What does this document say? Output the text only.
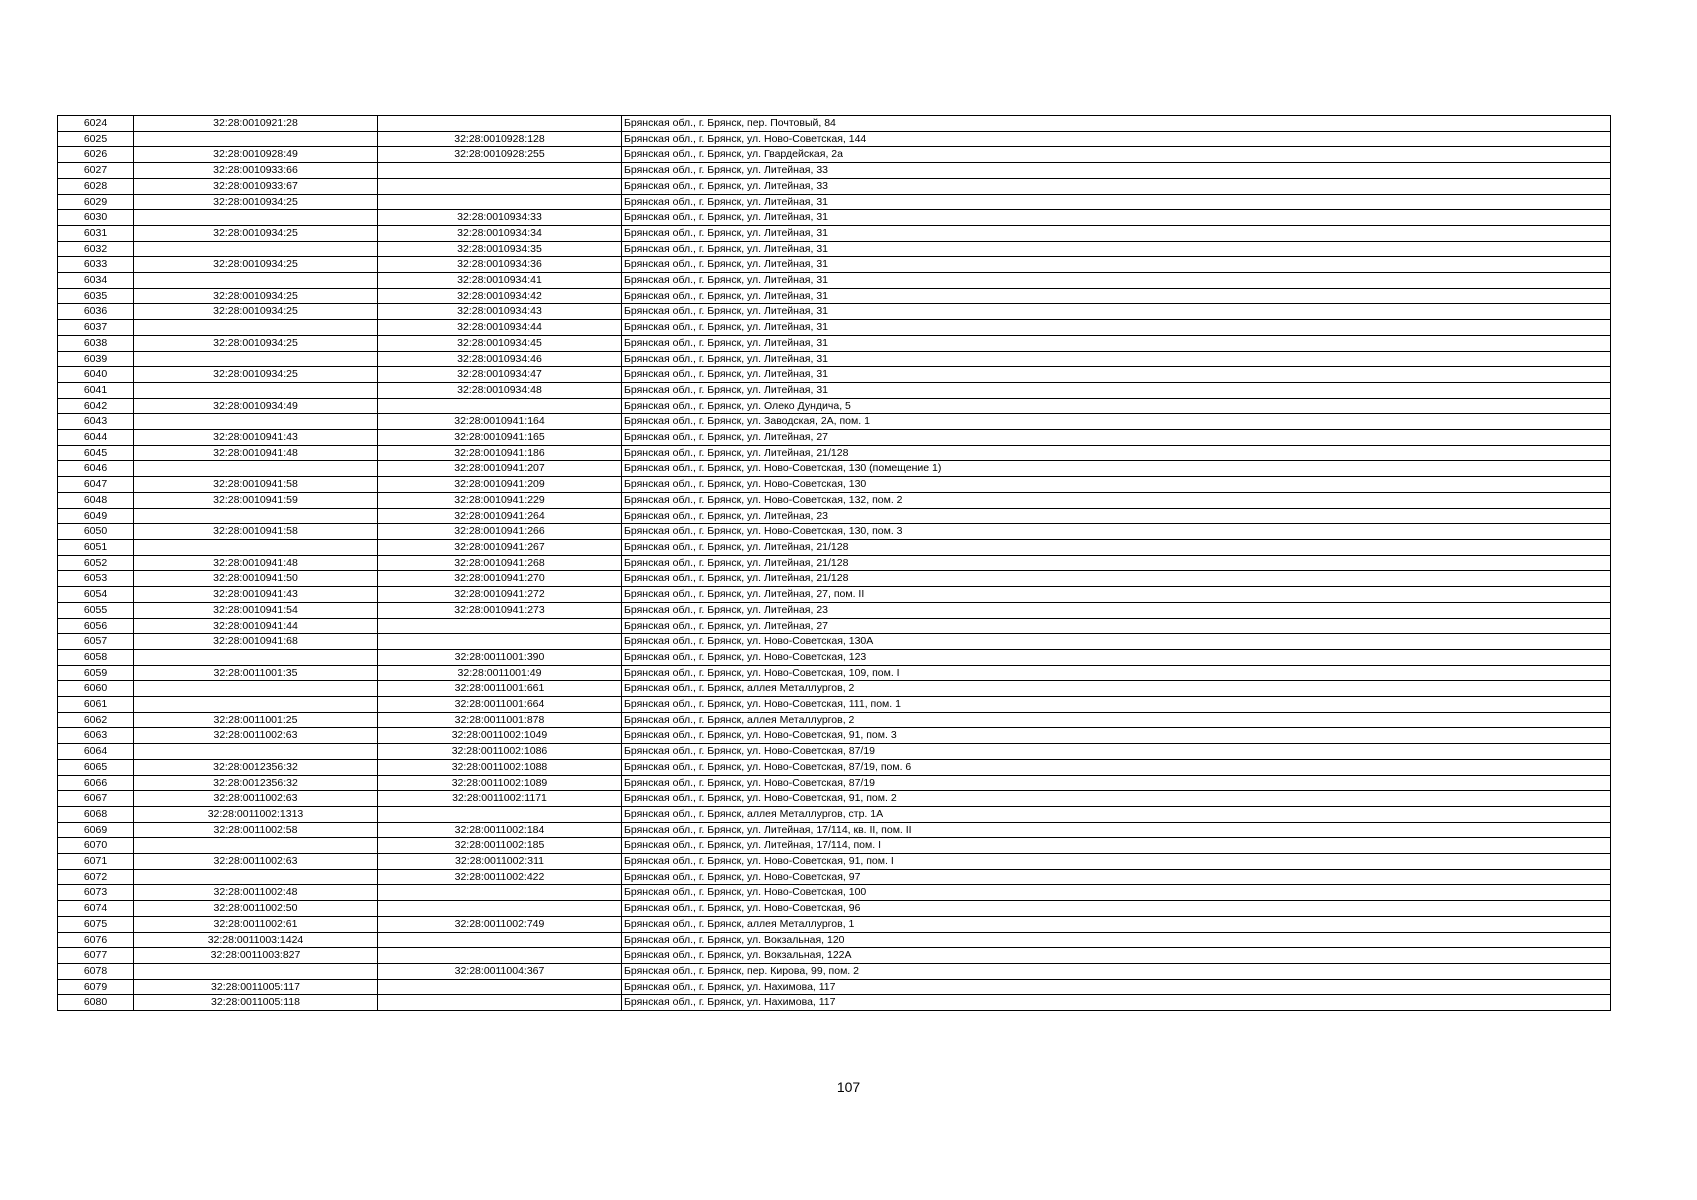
6024	32:28:0010921:28		Брянская обл., г. Брянск, пер. Почтовый, 84
6025		32:28:0010928:128	Брянская обл., г. Брянск, ул. Ново-Советская, 144
6026	32:28:0010928:49	32:28:0010928:255	Брянская обл., г. Брянск, ул. Гвардейская, 2а
6027	32:28:0010933:66		Брянская обл., г. Брянск, ул. Литейная, 33
6028	32:28:0010933:67		Брянская обл., г. Брянск, ул. Литейная, 33
6029	32:28:0010934:25		Брянская обл., г. Брянск, ул. Литейная, 31
6030		32:28:0010934:33	Брянская обл., г. Брянск, ул. Литейная, 31
6031	32:28:0010934:25	32:28:0010934:34	Брянская обл., г. Брянск, ул. Литейная, 31
6032		32:28:0010934:35	Брянская обл., г. Брянск, ул. Литейная, 31
6033	32:28:0010934:25	32:28:0010934:36	Брянская обл., г. Брянск, ул. Литейная, 31
6034		32:28:0010934:41	Брянская обл., г. Брянск, ул. Литейная, 31
6035	32:28:0010934:25	32:28:0010934:42	Брянская обл., г. Брянск, ул. Литейная, 31
6036	32:28:0010934:25	32:28:0010934:43	Брянская обл., г. Брянск, ул. Литейная, 31
6037		32:28:0010934:44	Брянская обл., г. Брянск, ул. Литейная, 31
6038	32:28:0010934:25	32:28:0010934:45	Брянская обл., г. Брянск, ул. Литейная, 31
6039		32:28:0010934:46	Брянская обл., г. Брянск, ул. Литейная, 31
6040	32:28:0010934:25	32:28:0010934:47	Брянская обл., г. Брянск, ул. Литейная, 31
6041		32:28:0010934:48	Брянская обл., г. Брянск, ул. Литейная, 31
6042	32:28:0010934:49		Брянская обл., г. Брянск, ул. Олеко Дундича, 5
6043		32:28:0010941:164	Брянская обл., г. Брянск, ул. Заводская, 2А, пом. 1
6044	32:28:0010941:43	32:28:0010941:165	Брянская обл., г. Брянск, ул. Литейная, 27
6045	32:28:0010941:48	32:28:0010941:186	Брянская обл., г. Брянск, ул. Литейная, 21/128
6046		32:28:0010941:207	Брянская обл., г. Брянск, ул. Ново-Советская, 130 (помещение 1)
6047	32:28:0010941:58	32:28:0010941:209	Брянская обл., г. Брянск, ул. Ново-Советская, 130
6048	32:28:0010941:59	32:28:0010941:229	Брянская обл., г. Брянск, ул. Ново-Советская, 132, пом. 2
6049		32:28:0010941:264	Брянская обл., г. Брянск, ул. Литейная, 23
6050	32:28:0010941:58	32:28:0010941:266	Брянская обл., г. Брянск, ул. Ново-Советская, 130, пом. 3
6051		32:28:0010941:267	Брянская обл., г. Брянск, ул. Литейная, 21/128
6052	32:28:0010941:48	32:28:0010941:268	Брянская обл., г. Брянск, ул. Литейная, 21/128
6053	32:28:0010941:50	32:28:0010941:270	Брянская обл., г. Брянск, ул. Литейная, 21/128
6054	32:28:0010941:43	32:28:0010941:272	Брянская обл., г. Брянск, ул. Литейная, 27, пом. II
6055	32:28:0010941:54	32:28:0010941:273	Брянская обл., г. Брянск, ул. Литейная, 23
6056	32:28:0010941:44		Брянская обл., г. Брянск, ул. Литейная, 27
6057	32:28:0010941:68		Брянская обл., г. Брянск, ул. Ново-Советская, 130А
6058		32:28:0011001:390	Брянская обл., г. Брянск, ул. Ново-Советская, 123
6059	32:28:0011001:35	32:28:0011001:49	Брянская обл., г. Брянск, ул. Ново-Советская, 109, пом. I
6060		32:28:0011001:661	Брянская обл., г. Брянск, аллея Металлургов, 2
6061		32:28:0011001:664	Брянская обл., г. Брянск, ул. Ново-Советская, 111, пом. 1
6062	32:28:0011001:25	32:28:0011001:878	Брянская обл., г. Брянск, аллея Металлургов, 2
6063	32:28:0011002:63	32:28:0011002:1049	Брянская обл., г. Брянск, ул. Ново-Советская, 91, пом. 3
6064		32:28:0011002:1086	Брянская обл., г. Брянск, ул. Ново-Советская, 87/19
6065	32:28:0012356:32	32:28:0011002:1088	Брянская обл., г. Брянск, ул. Ново-Советская, 87/19, пом. 6
6066	32:28:0012356:32	32:28:0011002:1089	Брянская обл., г. Брянск, ул. Ново-Советская, 87/19
6067	32:28:0011002:63	32:28:0011002:1171	Брянская обл., г. Брянск, ул. Ново-Советская, 91, пом. 2
6068	32:28:0011002:1313		Брянская обл., г. Брянск, аллея Металлургов, стр. 1А
6069	32:28:0011002:58	32:28:0011002:184	Брянская обл., г. Брянск, ул. Литейная, 17/114, кв. II, пом. II
6070		32:28:0011002:185	Брянская обл., г. Брянск, ул. Литейная, 17/114, пом. I
6071	32:28:0011002:63	32:28:0011002:311	Брянская обл., г. Брянск, ул. Ново-Советская, 91, пом. I
6072		32:28:0011002:422	Брянская обл., г. Брянск, ул. Ново-Советская, 97
6073	32:28:0011002:48		Брянская обл., г. Брянск, ул. Ново-Советская, 100
6074	32:28:0011002:50		Брянская обл., г. Брянск, ул. Ново-Советская, 96
6075	32:28:0011002:61	32:28:0011002:749	Брянская обл., г. Брянск, аллея Металлургов, 1
6076	32:28:0011003:1424		Брянская обл., г. Брянск, ул. Вокзальная, 120
6077	32:28:0011003:827		Брянская обл., г. Брянск, ул. Вокзальная, 122А
6078		32:28:0011004:367	Брянская обл., г. Брянск, пер. Кирова, 99, пом. 2
6079	32:28:0011005:117		Брянская обл., г. Брянск, ул. Нахимова, 117
6080	32:28:0011005:118		Брянская обл., г. Брянск, ул. Нахимова, 117
107
